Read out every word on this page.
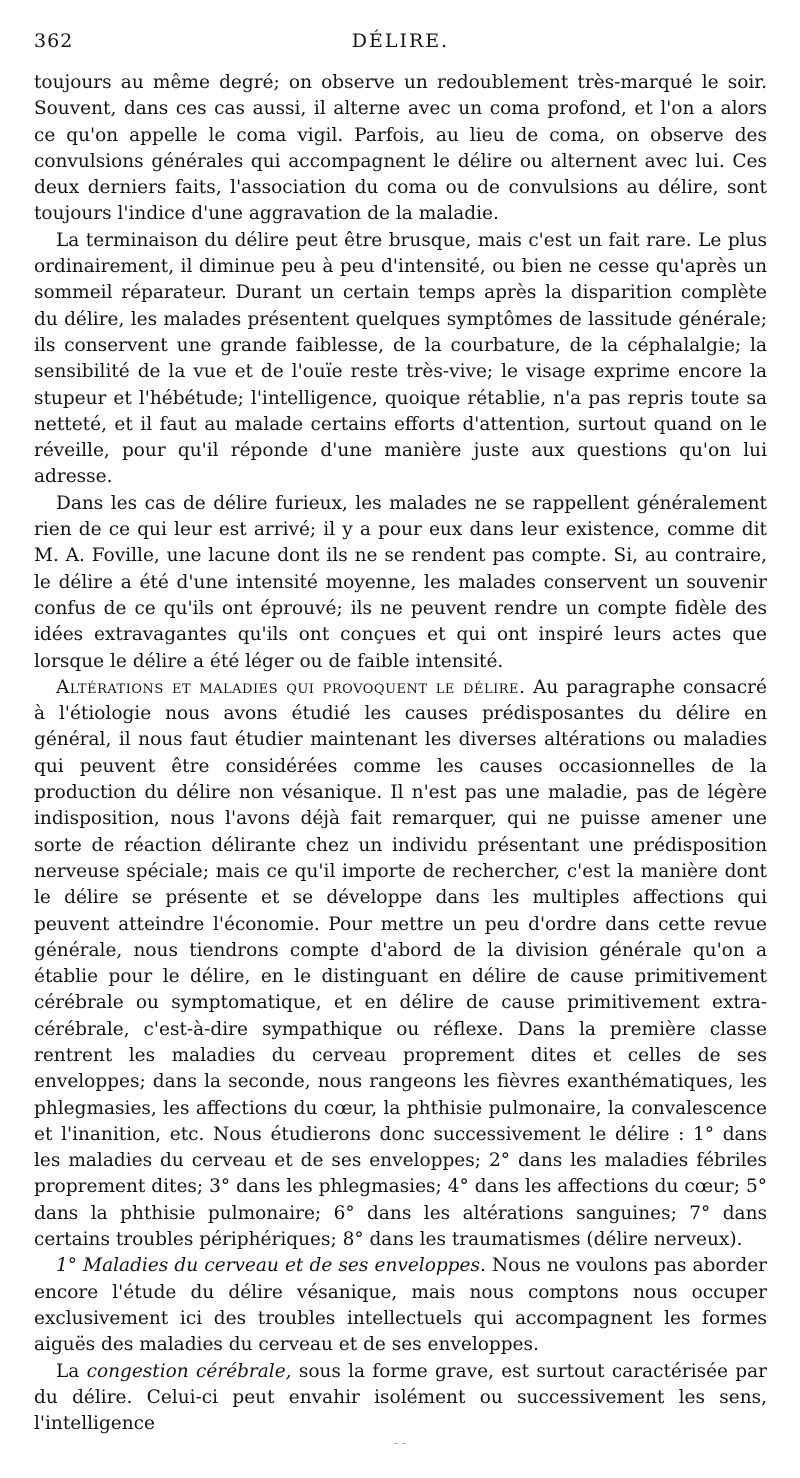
362	DÉLIRE.

toujours au même degré; on observe un redoublement très-marqué le soir. Souvent, dans ces cas aussi, il alterne avec un coma profond, et l'on a alors ce qu'on appelle le coma vigil. Parfois, au lieu de coma, on observe des convulsions générales qui accompagnent le délire ou alternent avec lui. Ces deux derniers faits, l'association du coma ou de convulsions au délire, sont toujours l'indice d'une aggravation de la maladie.

La terminaison du délire peut être brusque, mais c'est un fait rare. Le plus ordinairement, il diminue peu à peu d'intensité, ou bien ne cesse qu'après un sommeil réparateur. Durant un certain temps après la disparition complète du délire, les malades présentent quelques symptômes de lassitude générale; ils conservent une grande faiblesse, de la courbature, de la céphalalgie; la sensibilité de la vue et de l'ouïe reste très-vive; le visage exprime encore la stupeur et l'hébétude; l'intelligence, quoique rétablie, n'a pas repris toute sa netteté, et il faut au malade certains efforts d'attention, surtout quand on le réveille, pour qu'il réponde d'une manière juste aux questions qu'on lui adresse.

Dans les cas de délire furieux, les malades ne se rappellent généralement rien de ce qui leur est arrivé; il y a pour eux dans leur existence, comme dit M. A. Foville, une lacune dont ils ne se rendent pas compte. Si, au contraire, le délire a été d'une intensité moyenne, les malades conservent un souvenir confus de ce qu'ils ont éprouvé; ils ne peuvent rendre un compte fidèle des idées extravagantes qu'ils ont conçues et qui ont inspiré leurs actes que lorsque le délire a été léger ou de faible intensité.

Altérations et maladies qui provoquent le délire. Au paragraphe consacré à l'étiologie nous avons étudié les causes prédisposantes du délire en général, il nous faut étudier maintenant les diverses altérations ou maladies qui peuvent être considérées comme les causes occasionnelles de la production du délire non vésanique. Il n'est pas une maladie, pas de légère indisposition, nous l'avons déjà fait remarquer, qui ne puisse amener une sorte de réaction délirante chez un individu présentant une prédisposition nerveuse spéciale; mais ce qu'il importe de rechercher, c'est la manière dont le délire se présente et se développe dans les multiples affections qui peuvent atteindre l'économie. Pour mettre un peu d'ordre dans cette revue générale, nous tiendrons compte d'abord de la division générale qu'on a établie pour le délire, en le distinguant en délire de cause primitivement cérébrale ou symptomatique, et en délire de cause primitivement extra-cérébrale, c'est-à-dire sympathique ou réflexe. Dans la première classe rentrent les maladies du cerveau proprement dites et celles de ses enveloppes; dans la seconde, nous rangeons les fièvres exanthématiques, les phlegmasies, les affections du cœur, la phthisie pulmonaire, la convalescence et l'inanition, etc. Nous étudierons donc successivement le délire : 1° dans les maladies du cerveau et de ses enveloppes; 2° dans les maladies fébriles proprement dites; 3° dans les phlegmasies; 4° dans les affections du cœur; 5° dans la phthisie pulmonaire; 6° dans les altérations sanguines; 7° dans certains troubles périphériques; 8° dans les traumatismes (délire nerveux).

1° Maladies du cerveau et de ses enveloppes. Nous ne voulons pas aborder encore l'étude du délire vésanique, mais nous comptons nous occuper exclusivement ici des troubles intellectuels qui accompagnent les formes aiguës des maladies du cerveau et de ses enveloppes.

La congestion cérébrale, sous la forme grave, est surtout caractérisée par du délire. Celui-ci peut envahir isolément ou successivement les sens, l'intelligence

- -
